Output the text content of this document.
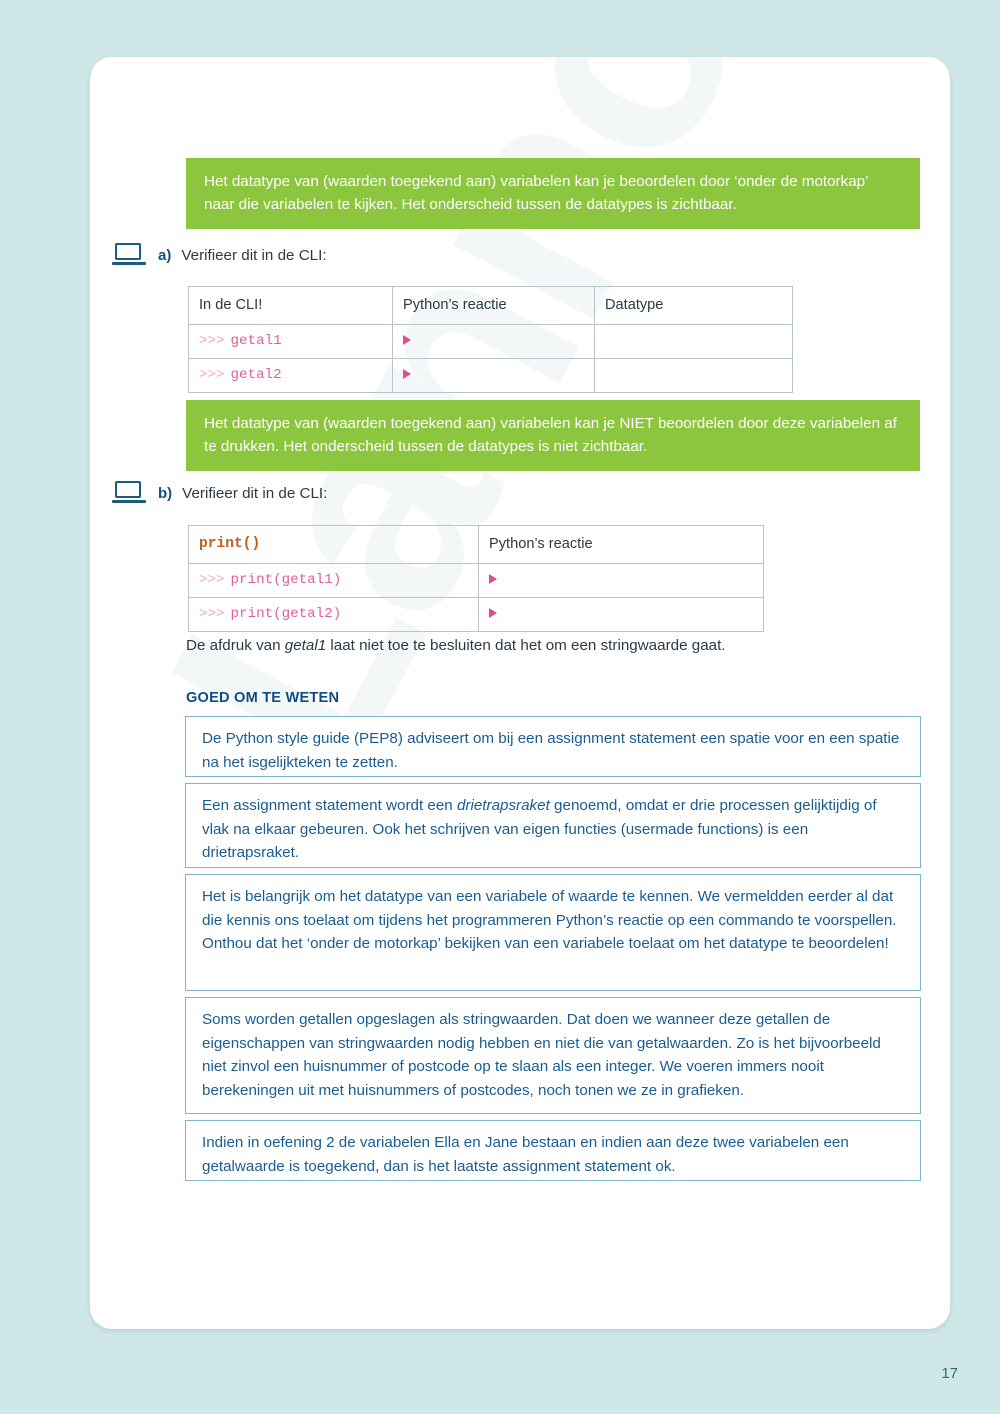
Het datatype van (waarden toegekend aan) variabelen kan je beoordelen door ‘onder de motorkap’ naar die variabelen te kijken. Het onderscheid tussen de datatypes is zichtbaar.
a) Verifieer dit in de CLI:
In de CLI!	Python’s reactie	Datatype
>>> getal1		
>>> getal2		
Het datatype van (waarden toegekend aan) variabelen kan je NIET beoordelen door deze variabelen af te drukken. Het onderscheid tussen de datatypes is niet zichtbaar.
b) Verifieer dit in de CLI:
print()	Python’s reactie
>>> print(getal1)	
>>> print(getal2)	
De afdruk van getal1 laat niet toe te besluiten dat het om een stringwaarde gaat.
GOED OM TE WETEN
De Python style guide (PEP8) adviseert om bij een assignment statement een spatie voor en een spatie na het isgelijkteken te zetten.
Een assignment statement wordt een drietrapsraket genoemd, omdat er drie processen gelijktijdig of vlak na elkaar gebeuren. Ook het schrijven van eigen functies (usermade functions) is een drietrapsraket.
Het is belangrijk om het datatype van een variabele of waarde te kennen. We vermeldden eerder al dat die kennis ons toelaat om tijdens het programmeren Python’s reactie op een commando te voorspellen.
Onthou dat het ‘onder de motorkap’ bekijken van een variabele toelaat om het datatype te beoordelen!
Soms worden getallen opgeslagen als stringwaarden. Dat doen we wanneer deze getallen de eigenschappen van stringwaarden nodig hebben en niet die van getalwaarden. Zo is het bijvoorbeeld niet zinvol een huisnummer of postcode op te slaan als een integer. We voeren immers nooit berekeningen uit met huisnummers of postcodes, noch tonen we ze in grafieken.
Indien in oefening 2 de variabelen Ella en Jane bestaan en indien aan deze twee variabelen een getalwaarde is toegekend, dan is het laatste assignment statement ok.
17
